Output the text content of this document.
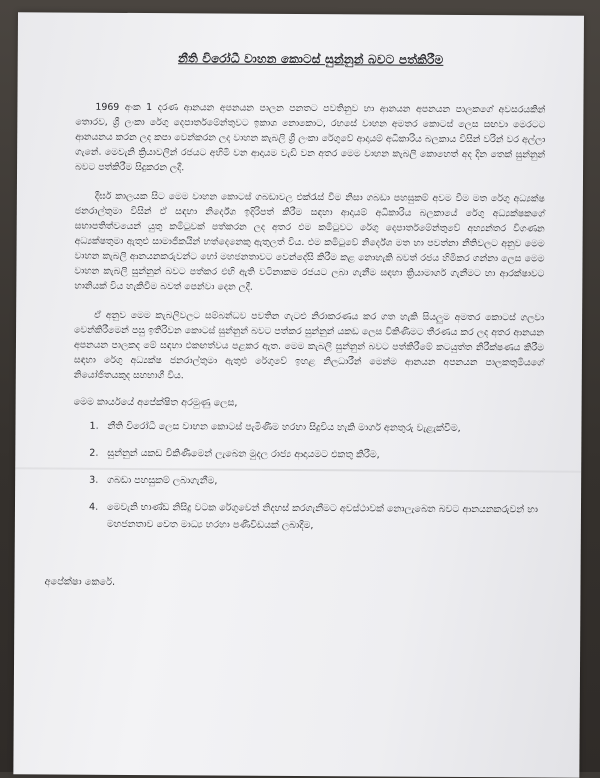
නීති විරෝධී වාහන කොටස් සුන්නුන් බවට පත්කිරීම

1969 අංක 1 දරණ ආනයන අපනයන පාලන පනතට පවතිනුව හා ආනයන අපනයන පාලකගේ අවසරයකින් තොරව, ශ්‍රී ලංකා රේගු දෙපාර්තමේන්තුවට ඉකාශ නොකොට, රහසේ වාහන අමතර කොටස් ලෙස සඟවා මෙරටට ආනයනය කරන ලද කපා වෙන්කරන ලද වාහන කැබලි ශ්‍රී ලංකා රේගුවේ ආදායම් අධිකාරිය බලකාය විසින් වරින් වර අල්ලා ගැනේ. මෙවැනි ක්‍රියාවලින් රජයට අහිමි වන ආදායම වැඩි වන අතර මෙම වාහන කැබලි කොහෙත් අද දින තෙක් සුන්නුන් බවට පත්කිරීම සිදුකරන ලදී.

දීර්ඝ කාලයක සිට මෙම වාහන කොටස් ගබඩාවල එක්රැස් වීම නිසා ගබඩා පහසුකම් අවම වීම මත රේගු අධ්‍යක්ෂ ජනරාල්තුමා විසින් ඒ සඳහා නිර්දේශ ඉදිරිපත් කිරීම සඳහා ආදායම් අධිකාරිය බලකායේ රේගු අධ්‍යක්ෂකගේ සභාපතිත්වයෙන් යුතු කමිටුවක් පත්කරන ලද අතර එම කමිටුවට රේගු දෙපාර්තමේන්තුවේ අභ්‍යන්තර විගණන අධ්‍යක්ෂතුමා ඇතුළු සාමාජිකයින් හත්දෙනෙකු ඇතුලත් විය. එම කමිටුවේ නිර්දේශ මත හා පවත්නා නීතිවලට අනුව මෙම වාහන කැබලි ආනයනකරුවන්ට හෝ මහජනතාවට වෙන්දේසි කිරීම කළ නොහැකි බවත් රජය හිමිකර ගන්නා ලෙස මෙම වාහන කැබලි සුන්නුන් බවට පත්කර එහි ඇති වටිනාකම රජයට ලබා ගැනීම සඳහා ක්‍රියාමාර්ග ගැනීමට හා ආරක්ෂාවට හානියක් විය හැකිවීම බවත් පෙන්වා දෙන ලදී.

ඒ අනුව මෙම කැබලිවලට සම්බන්ධව පවතින ගැටළු නිරාකරණය කර ගත හැකි සියලුම අමතර කොටස් ගලවා වෙන්කිරීමෙන් පසු ඉතිරිවන කොටස් සුන්නුන් බවට පත්කර සුන්නුන් යකඩ ලෙස විකිණීමට තීරණය කර ලද අතර ආනයන අපනයන පාලකද මේ සඳහා එකඟත්වය පළකර ඇත. මෙම කැබලි සුන්නුන් බවට පත්කිරීමේ කටයුත්ත නිරීක්ෂණය කිරීම සඳහා රේගු අධ්‍යක්ෂ ජනරාල්තුමා ඇතුළු රේගුවේ ඉහළ නිලධාරීන් මෙන්ම ආනයන අපනයන පාලකතුමියගේ නියෝජිතයකුද සහභාගී විය.

මෙම කාර්යයේ අපේක්ෂිත අරමුණු ලෙස,
1. නීති විරෝධී ලෙස වාහන කොටස් පැමිණීම හරහා සිදුවිය හැකි මාර්ග අනතුරු වැළැක්වීම,
2. සුන්නුන් යකඩ විකිණීමෙන් ලැබෙන මුදල රාජ්‍ය ආදායමට එකතු කිරීම,
3. ගබඩා පහසුකම් ලබාගැනීම,
4. මෙවැනි භාණ්ඩ නිසිදු වටක රේගුවෙන් නිදහස් කරගැනීමට අවස්ථාවක් නොලැබෙන බවට ආනයනකරුවන් හා මහජනතාව වෙත මාධ්‍ය හරහා පණිවිඩයක් ලබාදීම,
අපේක්ෂා කෙරේ.
